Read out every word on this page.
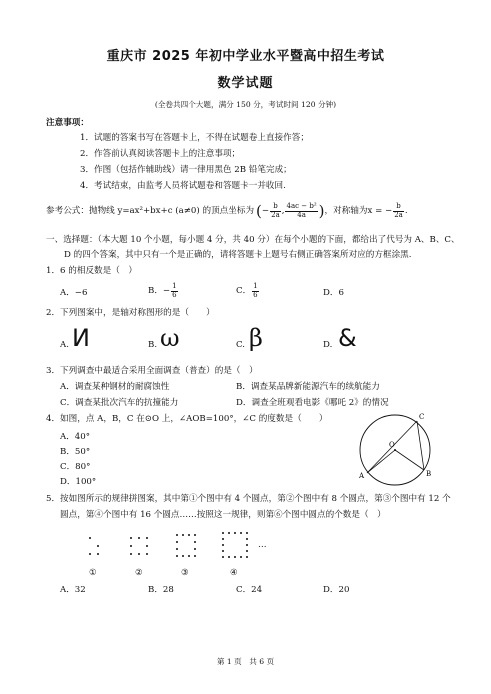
重庆市 2025 年初中学业水平暨高中招生考试
数学试题
(全卷共四个大题，满分 150 分，考试时间 120 分钟)
注意事项：
1．试题的答案书写在答题卡上，不得在试题卷上直接作答；
2．作答前认真阅读答题卡上的注意事项；
3．作图（包括作辅助线）请一律用黑色 2B 铅笔完成；
4．考试结束，由监考人员将试题卷和答题卡一并收回.
参考公式：抛物线 y=ax²+bx+c (a≠0) 的顶点坐标为 ( − $\frac{b}{2a}$ , $\frac{\text{4ac − b²}}{4a}$ ) ，对称轴为 x = − $\frac{b}{2a}$ .
一、选择题：（本大题 10 个小题，每小题 4 分，共 40 分）在每个小题的下面，都给出了代号为 A、B、C、
D 的四个答案，其中只有一个是正确的，请将答题卡上题号右侧正确答案所对应的方框涂黑.
1．6 的相反数是（　）
A．−6	B．− $\frac{1}{6}$	C． $\frac{1}{6}$	D．6
2．下列图案中，是轴对称图形的是（　　）
A. И	B. ω	C. β	D. &
3．下列调查中最适合采用全面调查（普查）的是（　）
A．调查某种钢材的耐腐蚀性	B．调查某品牌新能源汽车的续航能力
C．调查某批次汽车的抗撞能力	D．调查全班观看电影《哪吒 2》的情况
4．如图，点 A，B，C 在⊙O 上，∠AOB=100°，∠C 的度数是（　　）
A．40°
B．50°
C．80°
D．100°
C
O
A	B
5．按如图所示的规律拼图案，其中第①个图中有 4 个圆点，第②个图中有 8 个圆点，第③个图中有 12 个
圆点，第④个图中有 16 个圆点……按照这一规律，则第⑥个图中圆点的个数是（　）
…
①	②	③	④
A．32	B．28	C．24	D．20
第 1 页　共 6 页
